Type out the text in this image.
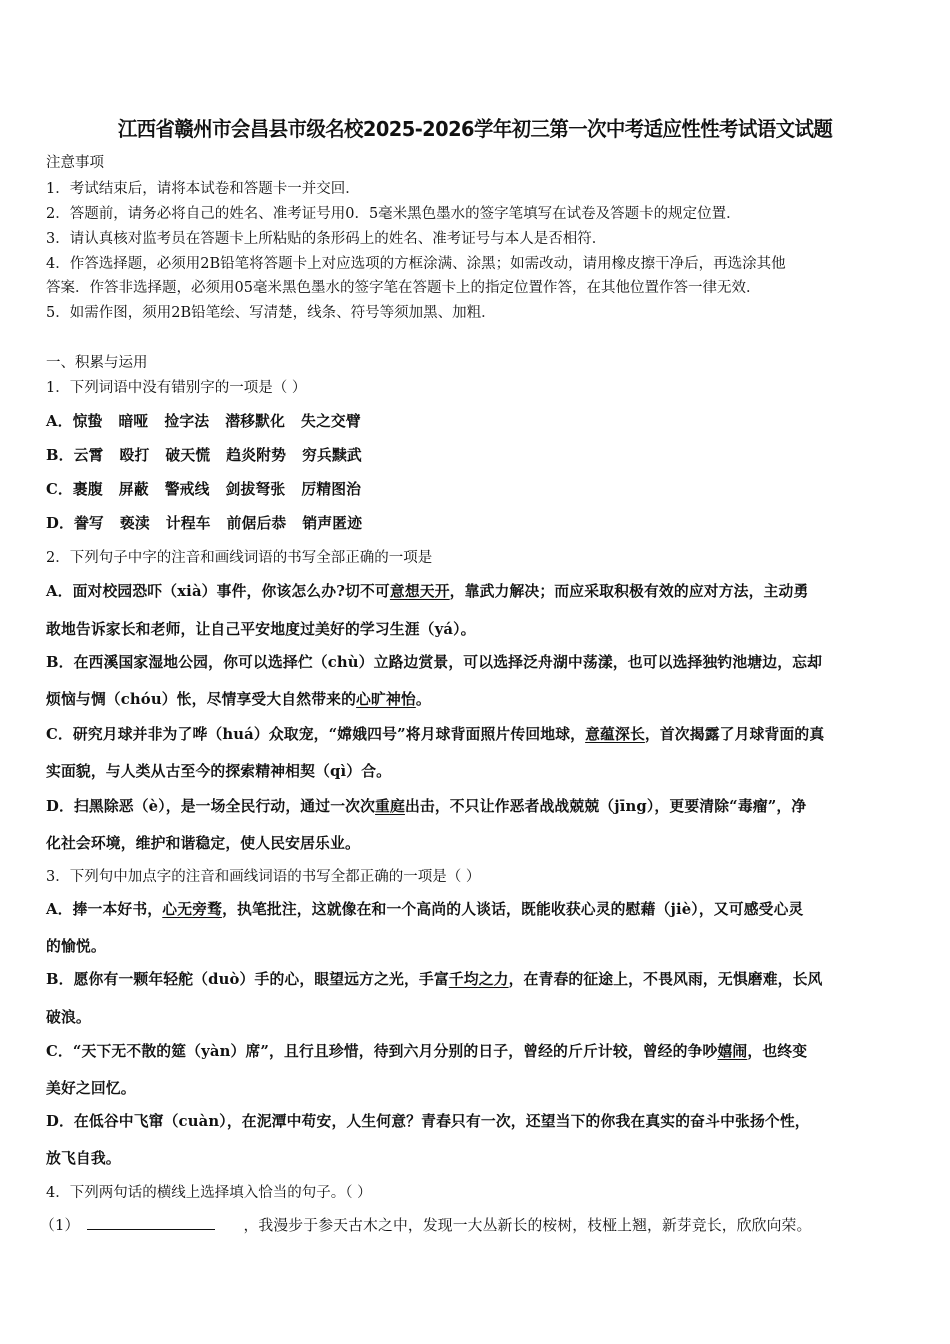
江西省赣州市会昌县市级名校2025-2026学年初三第一次中考适应性性考试语文试题
注意事项
1．考试结束后，请将本试卷和答题卡一并交回．
2．答题前，请务必将自己的姓名、准考证号用0．5毫米黑色墨水的签字笔填写在试卷及答题卡的规定位置．
3．请认真核对监考员在答题卡上所粘贴的条形码上的姓名、准考证号与本人是否相符．
4．作答选择题，必须用2B铅笔将答题卡上对应选项的方框涂满、涂黑；如需改动，请用橡皮擦干净后，再选涂其他
答案．作答非选择题，必须用05毫米黑色墨水的签字笔在答题卡上的指定位置作答，在其他位置作答一律无效．
5．如需作图，须用2B铅笔绘、写清楚，线条、符号等须加黑、加粗．
一、积累与运用
1．下列词语中没有错别字的一项是（ ）
A．惊蛰 暗哑 捡字法 潜移默化 失之交臂
B．云霄 殴打 破天慌 趋炎附势 穷兵黩武
C．裹腹 屏蔽 警戒线 剑拔弩张 厉精图治
D．誊写 亵渎 计程车 前倨后恭 销声匿迹
2．下列句子中字的注音和画线词语的书写全部正确的一项是
A．面对校园恐吓（xià）事件，你该怎么办?切不可意想天开，靠武力解决；而应采取积极有效的应对方法，主动勇
敢地告诉家长和老师，让自己平安地度过美好的学习生涯（yá）。
B．在西溪国家湿地公园，你可以选择伫（chù）立路边赏景，可以选择泛舟湖中荡漾，也可以选择独钓池塘边，忘却
烦恼与惆（chóu）怅，尽情享受大自然带来的心旷神怡。
C．研究月球并非为了哗（huá）众取宠，“嫦娥四号”将月球背面照片传回地球，意蕴深长，首次揭露了月球背面的真
实面貌，与人类从古至今的探索精神相契（qì）合。
D．扫黑除恶（è），是一场全民行动，通过一次次重庭出击，不只让作恶者战战兢兢（jīng），更要清除“毒瘤”，净
化社会环境，维护和谐稳定，使人民安居乐业。
3．下列句中加点字的注音和画线词语的书写全都正确的一项是（ ）
A．捧一本好书，心无旁骛，执笔批注，这就像在和一个高尚的人谈话，既能收获心灵的慰藉（jiè），又可感受心灵
的愉悦。
B．愿你有一颗年轻舵（duò）手的心，眼望远方之光，手富千均之力，在青春的征途上，不畏风雨，无惧磨难，长风
破浪。
C．“天下无不散的筵（yàn）席”，且行且珍惜，待到六月分别的日子，曾经的斤斤计较，曾经的争吵嬉闹，也终变
美好之回忆。
D．在低谷中飞窜（cuàn），在泥潭中苟安，人生何意？青春只有一次，还望当下的你我在真实的奋斗中张扬个性，
放飞自我。
4．下列两句话的横线上选择填入恰当的句子。（ ）
（1）	，我漫步于参天古木之中，发现一大丛新长的桉树，枝桠上翘，新芽竞长，欣欣向荣。
